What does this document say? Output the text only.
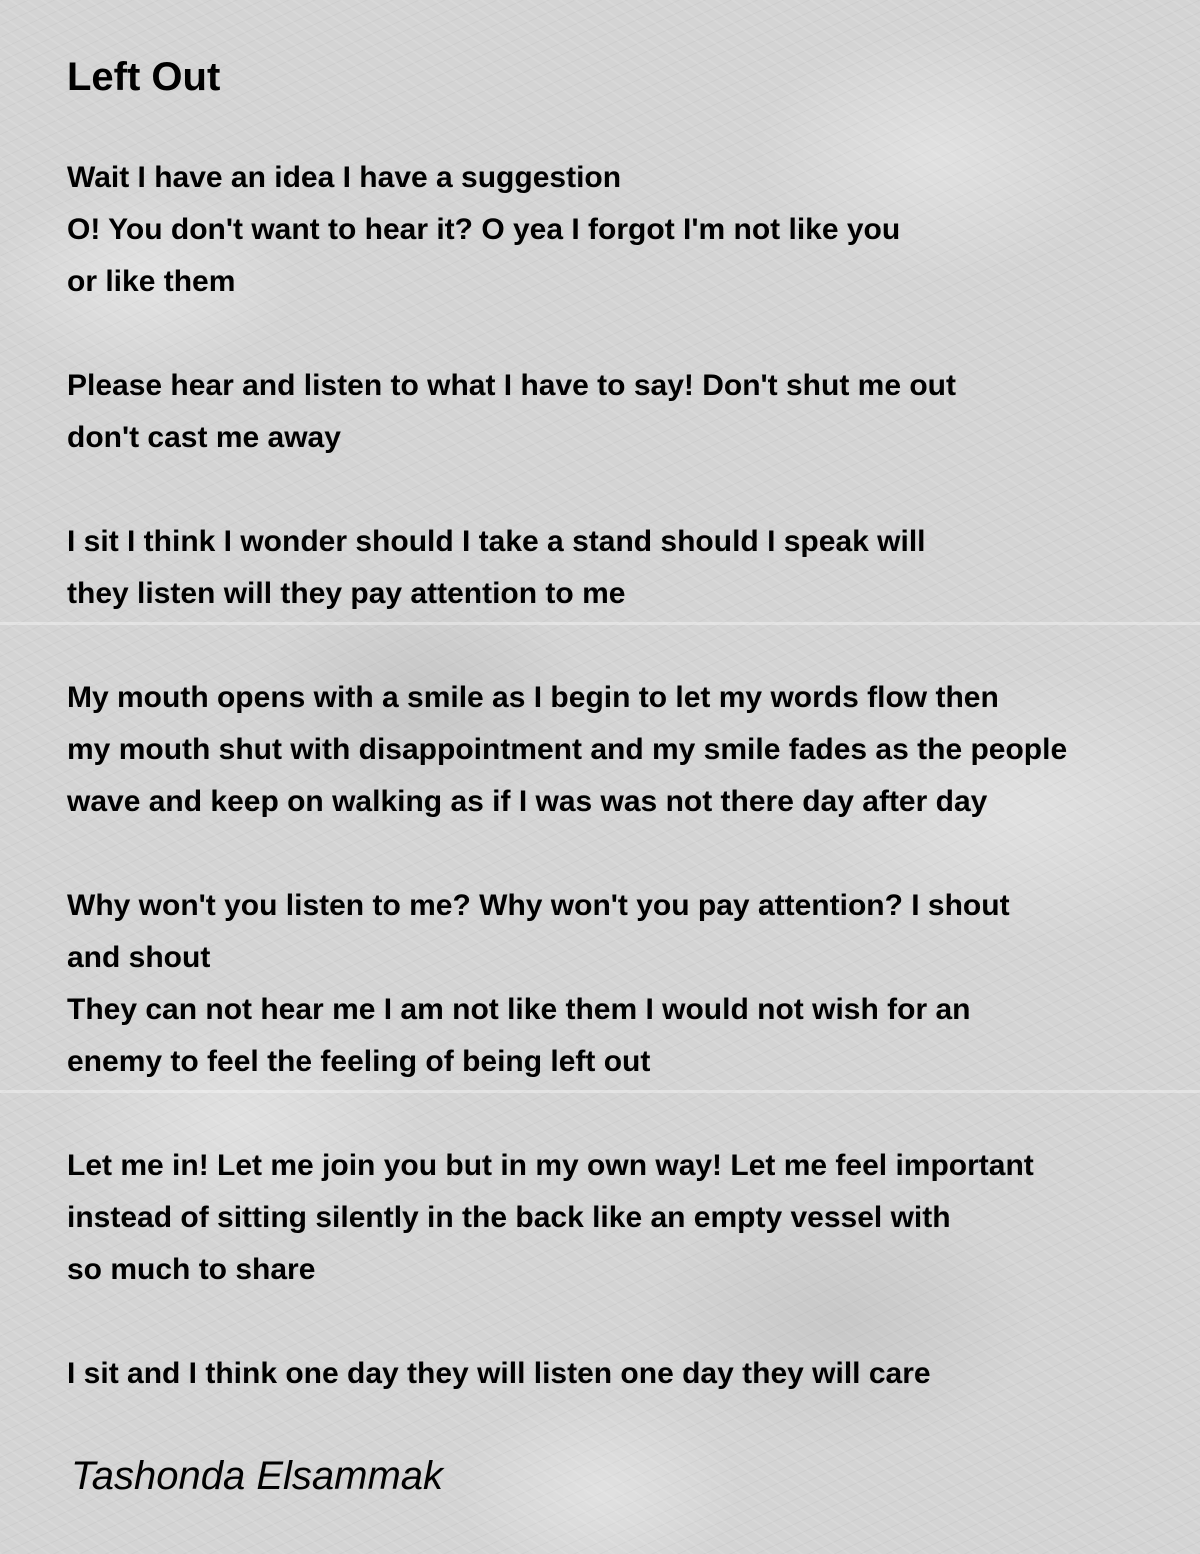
Left Out
Wait I have an idea I have a suggestion
O! You don't want to hear it? O yea I forgot I'm not like you
or like them
Please hear and listen to what I have to say! Don't shut me out
don't cast me away
I sit I think I wonder should I take a stand should I speak will
they listen will they pay attention to me
My mouth opens with a smile as I begin to let my words flow then
my mouth shut with disappointment and my smile fades as the people
wave and keep on walking as if I was was not there day after day
Why won't you listen to me? Why won't you pay attention? I shout
and shout
They can not hear me I am not like them I would not wish for an
enemy to feel the feeling of being left out
Let me in! Let me join you but in my own way! Let me feel important
instead of sitting silently in the back like an empty vessel with
so much to share
I sit and I think one day they will listen one day they will care
Tashonda Elsammak
